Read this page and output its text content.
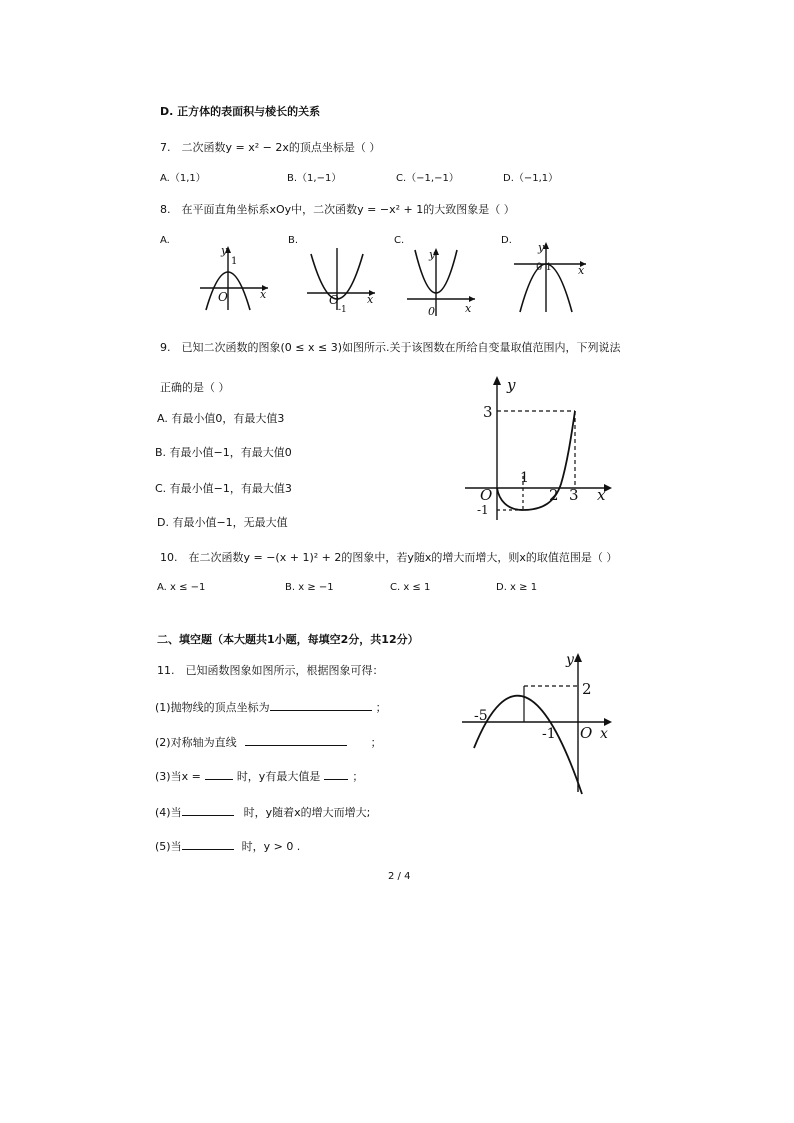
D. 正方体的表面积与棱长的关系
7.　二次函数y = x² − 2x的顶点坐标是（ ）
A.（1,1）	B.（1,−1）	C.（−1,−1）	D.（−1,1）
8.　在平面直角坐标系xOy中，二次函数y = −x² + 1的大致图象是（ ）
A.	B.	C.	D.
y
1
O	x	O
-1
x
y
0	x
y
0 1 x
9.　已知二次函数的图象(0 ≤ x ≤ 3)如图所示.关于该图数在所给自变量取值范围内，下列说法
正确的是（ ）
A. 有最小值0，有最大值3
B. 有最小值−1，有最大值0
C. 有最小值−1，有最大值3
D. 有最小值−1，无最大值
y
3
1
O	2 3 x
-1
10.　在二次函数y = −(x + 1)² + 2的图象中，若y随x的增大而增大，则x的取值范围是（ ）
A. x ≤ −1	B. x ≥ −1	C. x ≤ 1	D. x ≥ 1
二、填空题（本大题共1小题，每填空2分，共12分）
11.　已知函数图象如图所示，根据图象可得：
(1)抛物线的顶点坐标为	；
(2)对称轴为直线	；
(3)当x =	时，y有最大值是	；
(4)当	时，y随着x的增大而增大;
(5)当	时，y > 0 .
y
2
-5
-1 O x
2 / 4
